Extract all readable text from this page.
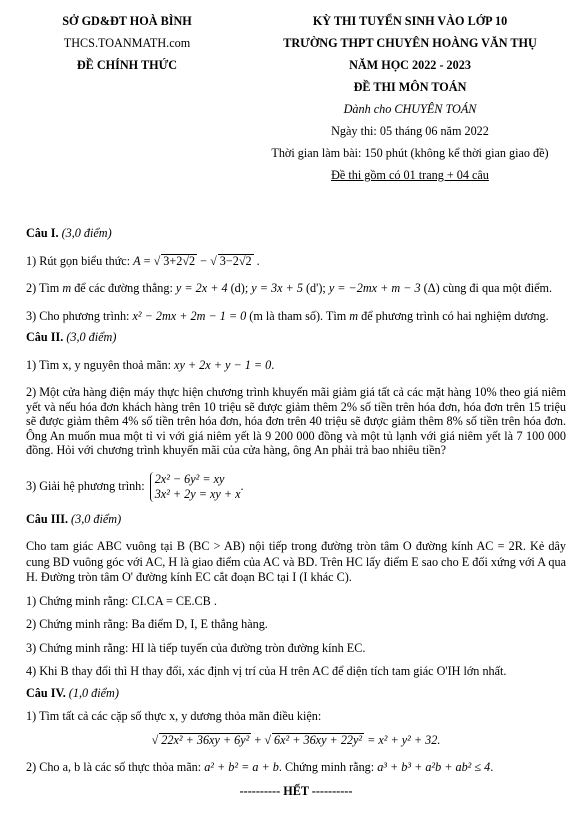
SỞ GD&ĐT HOÀ BÌNH
THCS.TOANMATH.com
ĐỀ CHÍNH THỨC
KỲ THI TUYỂN SINH VÀO LỚP 10
TRƯỜNG THPT CHUYÊN HOÀNG VĂN THỤ
NĂM HỌC 2022 - 2023
ĐỀ THI MÔN TOÁN
Dành cho CHUYÊN TOÁN
Ngày thi: 05 tháng 06 năm 2022
Thời gian làm bài: 150 phút (không kể thời gian giao đề)
Đề thi gồm có 01 trang + 04 câu

Câu I. (3,0 điểm)

1) Rút gọn biểu thức: A = √ 3+2√2 − √ 3−2√2 .

2) Tìm m để các đường thẳng: y = 2x + 4 (d); y = 3x + 5 (d'); y = −2mx + m − 3 (Δ) cùng đi qua một điểm.

3) Cho phương trình: x² − 2mx + 2m − 1 = 0 (m là tham số). Tìm m để phương trình có hai nghiệm dương.

Câu II. (3,0 điểm)

1) Tìm x, y nguyên thoả mãn: xy + 2x + y − 1 = 0.

2) Một cửa hàng điện máy thực hiện chương trình khuyến mãi giảm giá tất cả các mặt hàng 10% theo giá niêm yết và nếu hóa đơn khách hàng trên 10 triệu sẽ được giảm thêm 2% số tiền trên hóa đơn, hóa đơn trên 15 triệu sẽ được giảm thêm 4% số tiền trên hóa đơn, hóa đơn trên 40 triệu sẽ được giảm thêm 8% số tiền trên hóa đơn. Ông An muốn mua một tỉ vi với giá niêm yết là 9 200 000 đồng và một tủ lạnh với giá niêm yết là 7 100 000 đồng. Hỏi với chương trình khuyến mãi của cửa hàng, ông An phải trả bao nhiêu tiền?

3) Giải hệ phương trình: 2x² − 6y² = xy
3x² + 2y = xy + x
.

Câu III. (3,0 điểm)

Cho tam giác ABC vuông tại B (BC > AB) nội tiếp trong đường tròn tâm O đường kính AC = 2R. Kẻ dây cung BD vuông góc với AC, H là giao điểm của AC và BD. Trên HC lấy điểm E sao cho E đối xứng với A qua H. Đường tròn tâm O' đường kính EC cắt đoạn BC tại I (I khác C).

1) Chứng minh rằng: CI.CA = CE.CB .

2) Chứng minh rằng: Ba điểm D, I, E thẳng hàng.

3) Chứng minh rằng: HI là tiếp tuyến của đường tròn đường kính EC.

4) Khi B thay đổi thì H thay đổi, xác định vị trí của H trên AC để diện tích tam giác O'IH lớn nhất.

Câu IV. (1,0 điểm)

1) Tìm tất cả các cặp số thực x, y dương thỏa mãn điều kiện:

√ 22x² + 36xy + 6y² + √ 6x² + 36xy + 22y² = x² + y² + 32.

2) Cho a, b là các số thực thỏa mãn: a² + b² = a + b. Chứng minh rằng: a³ + b³ + a²b + ab² ≤ 4.

---------- HẾT ----------
